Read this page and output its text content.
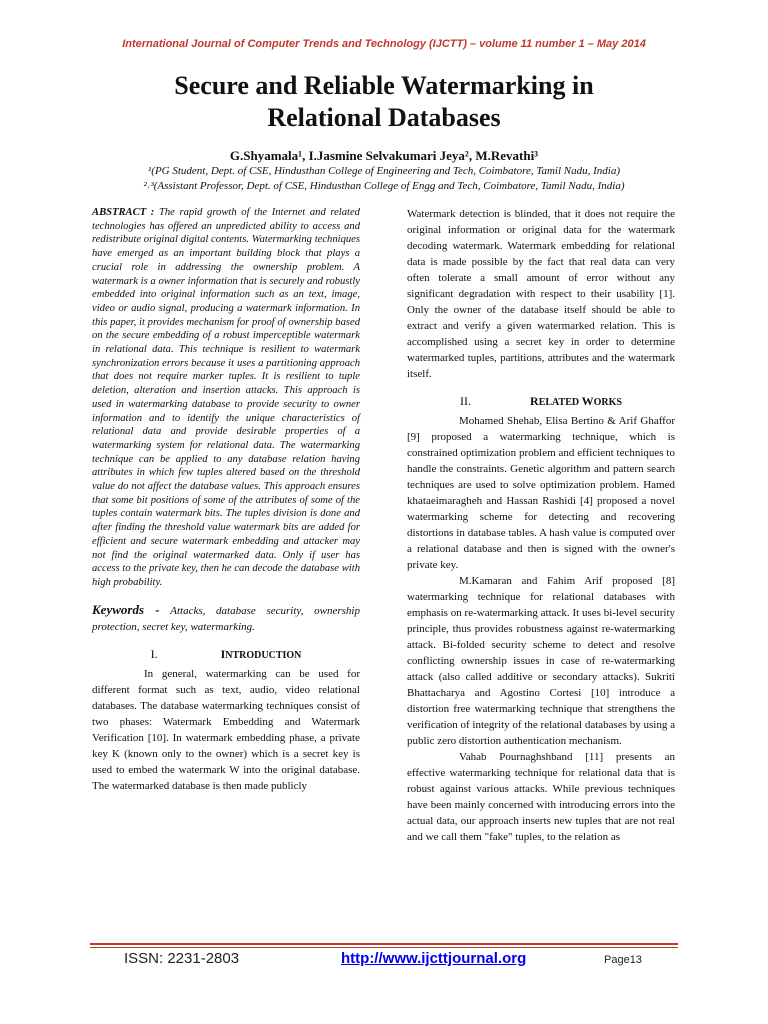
International Journal of Computer Trends and Technology (IJCTT) – volume 11 number 1 – May 2014
Secure and Reliable Watermarking in
Relational Databases
G.Shyamala¹, I.Jasmine Selvakumari Jeya², M.Revathi³
¹(PG Student, Dept. of CSE, Hindusthan College of Engineering and Tech, Coimbatore, Tamil Nadu, India)
²˒³(Assistant Professor, Dept. of CSE, Hindusthan College of Engg and Tech, Coimbatore, Tamil Nadu, India)
ABSTRACT : The rapid growth of the Internet and related technologies has offered an unpredicted ability to access and redistribute original digital contents. Watermarking techniques have emerged as an important building block that plays a crucial role in addressing the ownership problem. A watermark is a owner information that is securely and robustly embedded into original information such as an text, image, video or audio signal, producing a watermark information. In this paper, it provides mechanism for proof of ownership based on the secure embedding of a robust imperceptible watermark in relational data. This technique is resilient to watermark synchronization errors because it uses a partitioning approach that does not require marker tuples. It is resilient to tuple deletion, alteration and insertion attacks. This approach is used in watermarking database to provide security to owner information and to identify the unique characteristics of relational data and provide desirable properties of a watermarking system for relational data. The watermarking technique can be applied to any database relation having attributes in which few tuples altered based on the threshold value do not affect the database values. This approach ensures that some bit positions of some of the attributes of some of the tuples contain watermark bits. The tuples division is done and after finding the threshold value watermark bits are added for efficient and secure watermark embedding and attacker may not find the original watermarked data. Only if user has access to the private key, then he can decode the database with high probability.
Keywords - Attacks, database security, ownership protection, secret key, watermarking.
I.	INTRODUCTION

In general, watermarking can be used for different format such as text, audio, video relational databases. The database watermarking techniques consist of two phases: Watermark Embedding and Watermark Verification [10]. In watermark embedding phase, a private key K (known only to the owner) which is a secret key is used to embed the watermark W into the original database. The watermarked database is then made publicly

Watermark detection is blinded, that it does not require the original information or original data for the watermark decoding watermark. Watermark embedding for relational data is made possible by the fact that real data can very often tolerate a small amount of error without any significant degradation with respect to their usability [1]. Only the owner of the database itself should be able to extract and verify a given watermarked relation. This is accomplished using a secret key in order to determine watermarked tuples, partitions, attributes and the watermark itself.

II.	RELATED WORKS

Mohamed Shehab, Elisa Bertino & Arif Ghaffor [9] proposed a watermarking technique, which is constrained optimization problem and efficient techniques to handle the constraints. Genetic algorithm and pattern search techniques are used to solve optimization problem. Hamed khataeimaragheh and Hassan Rashidi [4] proposed a novel watermarking scheme for detecting and recovering distortions in database tables. A hash value is computed over a relational database and then is signed with the owner's private key.

M.Kamaran and Fahim Arif proposed [8] watermarking technique for relational databases with emphasis on re-watermarking attack. It uses bi-level security principle, thus provides robustness against re-watermarking attack. Bi-folded security scheme to detect and resolve conflicting ownership issues in case of re-watermarking attack (also called additive or secondary attacks). Sukriti Bhattacharya and Agostino Cortesi [10] introduce a distortion free watermarking technique that strengthens the verification of integrity of the relational databases by using a public zero distortion authentication mechanism.

Vahab Pournaghshband [11] presents an effective watermarking technique for relational data that is robust against various attacks. While previous techniques have been mainly concerned with introducing errors into the actual data, our approach inserts new tuples that are not real and we call them "fake" tuples, to the relation as

ISSN: 2231-2803	http://www.ijcttjournal.org	Page13
